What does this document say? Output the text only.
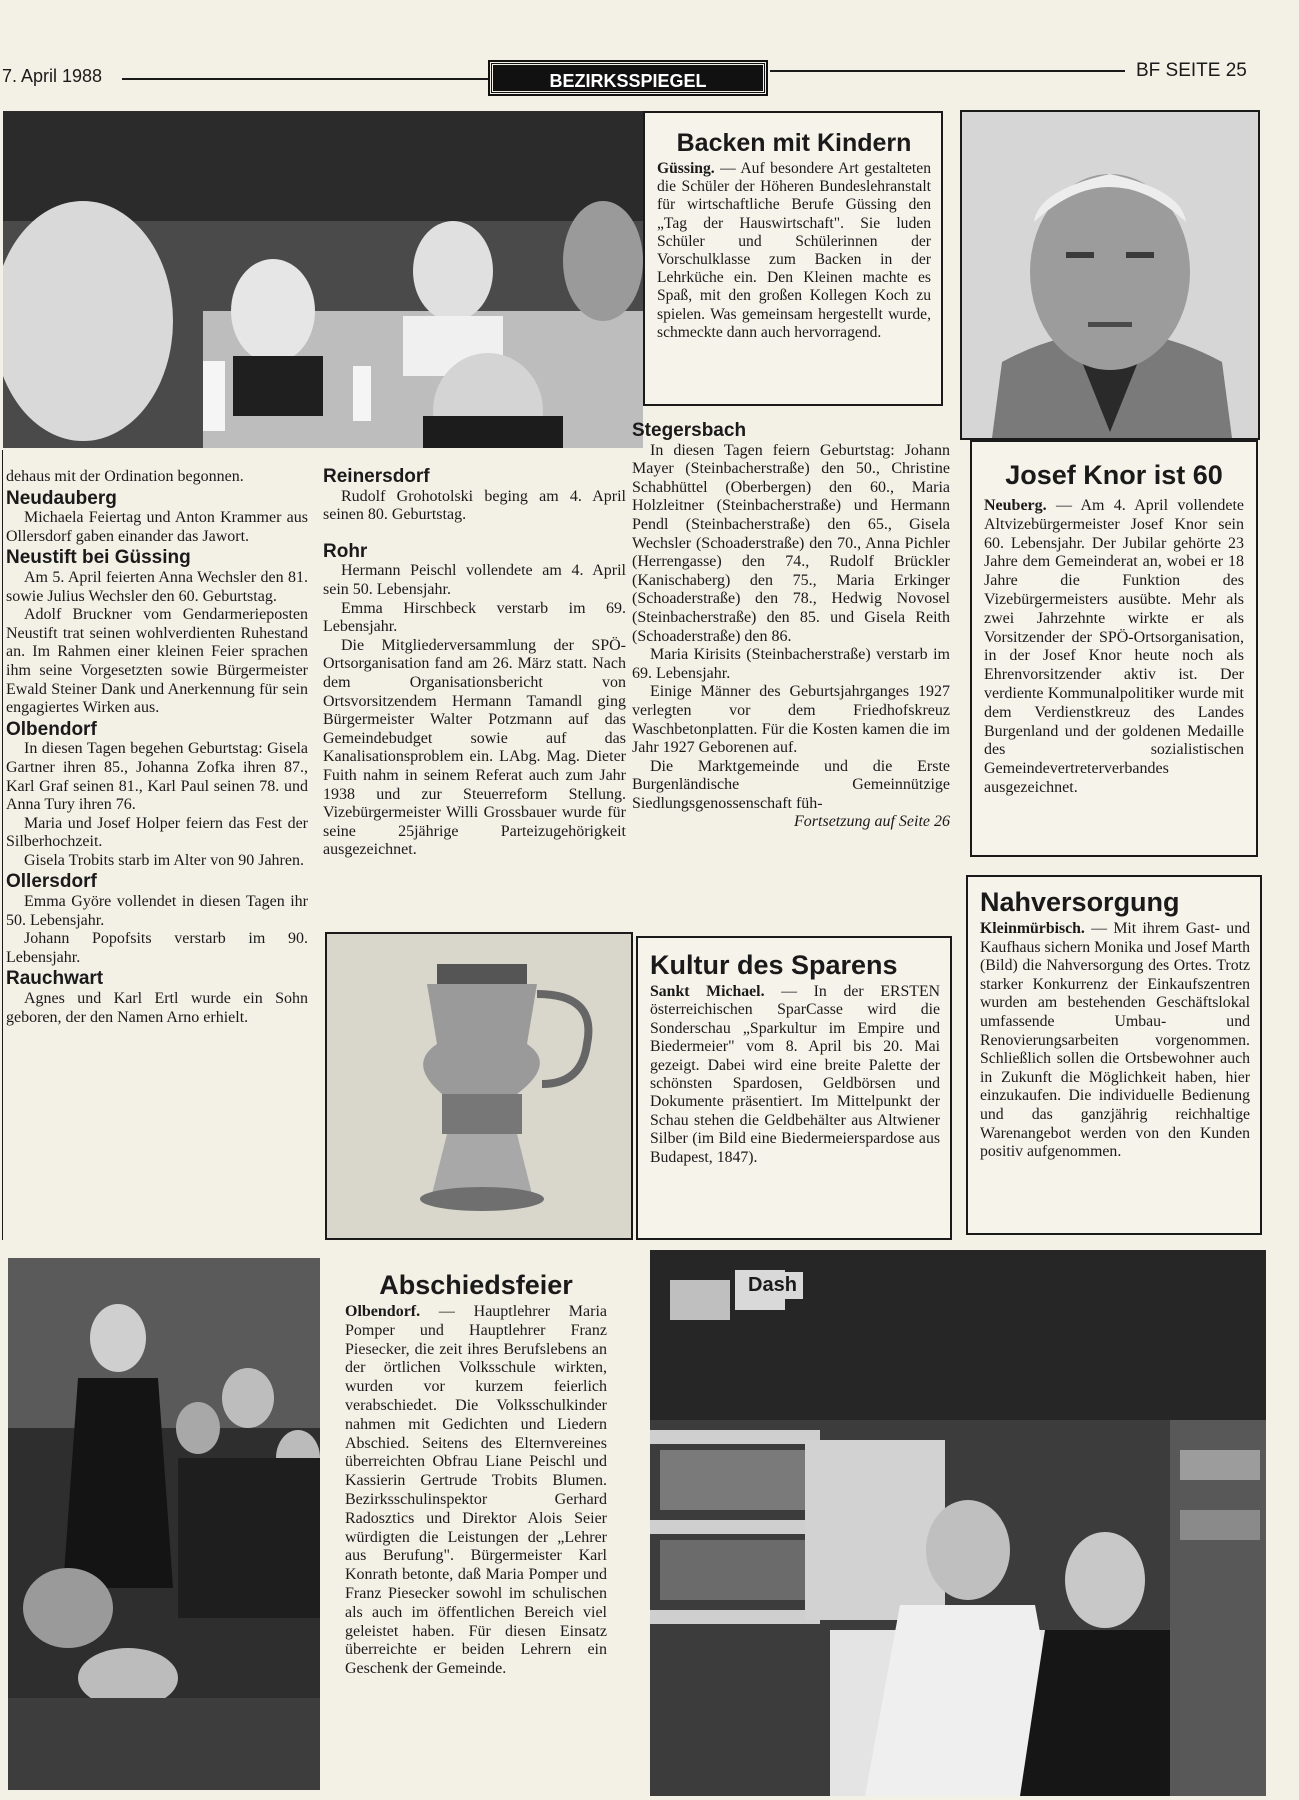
7. April 1988	BEZIRKSSPIEGEL	BF SEITE 25
Backen mit Kindern

Güssing. — Auf besondere Art gestalteten die Schüler der Höheren Bundeslehranstalt für wirtschaftliche Berufe Güssing den „Tag der Hauswirtschaft". Sie luden Schüler und Schülerinnen der Vorschulklasse zum Backen in der Lehrküche ein. Den Kleinen machte es Spaß, mit den großen Kollegen Koch zu spielen. Was gemeinsam hergestellt wurde, schmeckte dann auch hervorragend.

Josef Knor ist 60

Neuberg. — Am 4. April vollendete Altvizebürgermeister Josef Knor sein 60. Lebensjahr. Der Jubilar gehörte 23 Jahre dem Gemeinderat an, wobei er 18 Jahre die Funktion des Vizebürgermeisters ausübte. Mehr als zwei Jahrzehnte wirkte er als Vorsitzender der SPÖ-Ortsorganisation, in der Josef Knor heute noch als Ehrenvorsitzender aktiv ist. Der verdiente Kommunalpolitiker wurde mit dem Verdienstkreuz des Landes Burgenland und der goldenen Medaille des sozialistischen Gemeindevertreterverbandes ausgezeichnet.

dehaus mit der Ordination begonnen.

Neudauberg

Michaela Feiertag und Anton Krammer aus Ollersdorf gaben einander das Jawort.

Neustift bei Güssing

Am 5. April feierten Anna Wechsler den 81. sowie Julius Wechsler den 60. Geburtstag.

Adolf Bruckner vom Gendarmerieposten Neustift trat seinen wohlverdienten Ruhestand an. Im Rahmen einer kleinen Feier sprachen ihm seine Vorgesetzten sowie Bürgermeister Ewald Steiner Dank und Anerkennung für sein engagiertes Wirken aus.

Olbendorf

In diesen Tagen begehen Geburtstag: Gisela Gartner ihren 85., Johanna Zofka ihren 87., Karl Graf seinen 81., Karl Paul seinen 78. und Anna Tury ihren 76.

Maria und Josef Holper feiern das Fest der Silberhochzeit.

Gisela Trobits starb im Alter von 90 Jahren.

Ollersdorf

Emma Györe vollendet in diesen Tagen ihr 50. Lebensjahr.

Johann Popofsits verstarb im 90. Lebensjahr.

Rauchwart

Agnes und Karl Ertl wurde ein Sohn geboren, der den Namen Arno erhielt.

Reinersdorf

Rudolf Grohotolski beging am 4. April seinen 80. Geburtstag.

Rohr

Hermann Peischl vollendete am 4. April sein 50. Lebensjahr.

Emma Hirschbeck verstarb im 69. Lebensjahr.

Die Mitgliederversammlung der SPÖ-Ortsorganisation fand am 26. März statt. Nach dem Organisationsbericht von Ortsvorsitzendem Hermann Tamandl ging Bürgermeister Walter Potzmann auf das Gemeindebudget sowie auf das Kanalisationsproblem ein. LAbg. Mag. Dieter Fuith nahm in seinem Referat auch zum Jahr 1938 und zur Steuerreform Stellung. Vizebürgermeister Willi Grossbauer wurde für seine 25jährige Parteizugehörigkeit ausgezeichnet.

Stegersbach

In diesen Tagen feiern Geburtstag: Johann Mayer (Steinbacherstraße) den 50., Christine Schabhüttel (Oberbergen) den 60., Maria Holzleitner (Steinbacherstraße) und Hermann Pendl (Steinbacherstraße) den 65., Gisela Wechsler (Schoaderstraße) den 70., Anna Pichler (Herrengasse) den 74., Rudolf Brückler (Kanischaberg) den 75., Maria Erkinger (Schoaderstraße) den 78., Hedwig Novosel (Steinbacherstraße) den 85. und Gisela Reith (Schoaderstraße) den 86.

Maria Kirisits (Steinbacherstraße) verstarb im 69. Lebensjahr.

Einige Männer des Geburtsjahrganges 1927 verlegten vor dem Friedhofskreuz Waschbetonplatten. Für die Kosten kamen die im Jahr 1927 Geborenen auf.

Die Marktgemeinde und die Erste Burgenländische Gemeinnützige Siedlungsgenossenschaft füh-

Fortsetzung auf Seite 26

Kultur des Sparens

Sankt Michael. — In der ERSTEN österreichischen SparCasse wird die Sonderschau „Sparkultur im Empire und Biedermeier" vom 8. April bis 20. Mai gezeigt. Dabei wird eine breite Palette der schönsten Spardosen, Geldbörsen und Dokumente präsentiert. Im Mittelpunkt der Schau stehen die Geldbehälter aus Altwiener Silber (im Bild eine Biedermeierspardose aus Budapest, 1847).

Nahversorgung

Kleinmürbisch. — Mit ihrem Gast- und Kaufhaus sichern Monika und Josef Marth (Bild) die Nahversorgung des Ortes. Trotz starker Konkurrenz der Einkaufszentren wurden am bestehenden Geschäftslokal umfassende Umbau- und Renovierungsarbeiten vorgenommen. Schließlich sollen die Ortsbewohner auch in Zukunft die Möglichkeit haben, hier einzukaufen. Die individuelle Bedienung und das ganzjährig reichhaltige Warenangebot werden von den Kunden positiv aufgenommen.

Abschiedsfeier

Olbendorf. — Hauptlehrer Maria Pomper und Hauptlehrer Franz Piesecker, die zeit ihres Berufslebens an der örtlichen Volksschule wirkten, wurden vor kurzem feierlich verabschiedet. Die Volksschulkinder nahmen mit Gedichten und Liedern Abschied. Seitens des Elternvereines überreichten Obfrau Liane Peischl und Kassierin Gertrude Trobits Blumen. Bezirksschulinspektor Gerhard Radosztics und Direktor Alois Seier würdigten die Leistungen der „Lehrer aus Berufung". Bürgermeister Karl Konrath betonte, daß Maria Pomper und Franz Piesecker sowohl im schulischen als auch im öffentlichen Bereich viel geleistet haben. Für diesen Einsatz überreichte er beiden Lehrern ein Geschenk der Gemeinde.

Dash
